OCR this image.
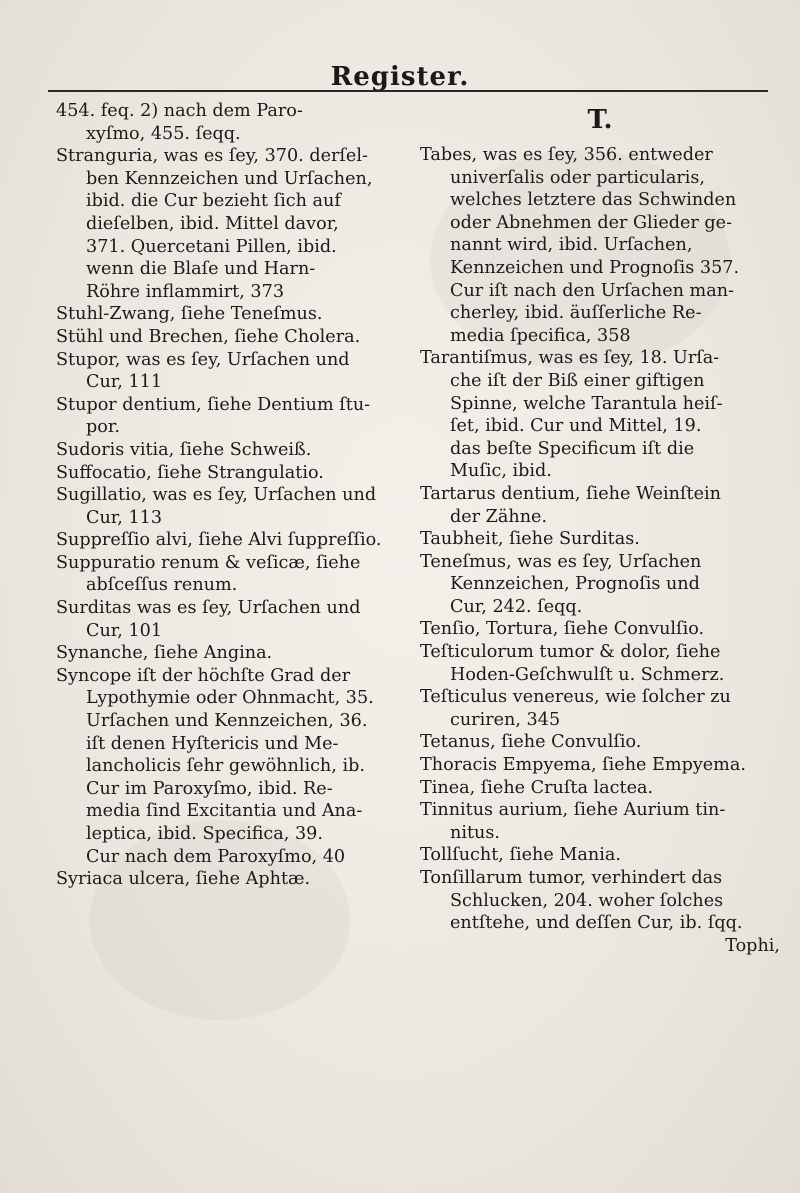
Register.
454. feq. 2) nach dem Paro-
xyſmo, 455. ſeqq.
Stranguria, was es ſey, 370. derſel-
ben Kennzeichen und Urſachen,
ibid. die Cur bezieht ſich auf
dieſelben, ibid. Mittel davor,
371. Quercetani Pillen, ibid.
wenn die Blaſe und Harn-
Röhre inflammirt, 373
Stuhl-Zwang, ſiehe Teneſmus.
Stühl und Brechen, ſiehe Cholera.
Stupor, was es ſey, Urſachen und
Cur, 111
Stupor dentium, ſiehe Dentium ſtu-
por.
Sudoris vitia, ſiehe Schweiß.
Suffocatio, ſiehe Strangulatio.
Sugillatio, was es ſey, Urſachen und
Cur, 113
Suppreſſio alvi, ſiehe Alvi ſuppreſſio.
Suppuratio renum & veſicæ, ſiehe
abſceſſus renum.
Surditas was es ſey, Urſachen und
Cur, 101
Synanche, ſiehe Angina.
Syncope iſt der höchſte Grad der
Lypothymie oder Ohnmacht, 35.
Urſachen und Kennzeichen, 36.
iſt denen Hyſtericis und Me-
lancholicis ſehr gewöhnlich, ib.
Cur im Paroxyſmo, ibid. Re-
media ſind Excitantia und Ana-
leptica, ibid. Specifica, 39.
Cur nach dem Paroxyſmo, 40
Syriaca ulcera, ſiehe Aphtæ.
T.
Tabes, was es ſey, 356. entweder
univerſalis oder particularis,
welches letztere das Schwinden
oder Abnehmen der Glieder ge-
nannt wird, ibid. Urſachen,
Kennzeichen und Prognoſis 357.
Cur iſt nach den Urſachen man-
cherley, ibid. äuſſerliche Re-
media ſpecifica, 358
Tarantiſmus, was es ſey, 18. Urſa-
che iſt der Biß einer giftigen
Spinne, welche Tarantula heiſ-
ſet, ibid. Cur und Mittel, 19.
das beſte Specificum iſt die
Muſic, ibid.
Tartarus dentium, ſiehe Weinſtein
der Zähne.
Taubheit, ſiehe Surditas.
Teneſmus, was es ſey, Urſachen
Kennzeichen, Prognoſis und
Cur, 242. ſeqq.
Tenſio, Tortura, ſiehe Convulſio.
Teſticulorum tumor & dolor, ſiehe
Hoden-Geſchwulſt u. Schmerz.
Teſticulus venereus, wie ſolcher zu
curiren, 345
Tetanus, ſiehe Convulſio.
Thoracis Empyema, ſiehe Empyema.
Tinea, ſiehe Cruſta lactea.
Tinnitus aurium, ſiehe Aurium tin-
nitus.
Tollſucht, ſiehe Mania.
Tonſillarum tumor, verhindert das
Schlucken, 204. woher ſolches
entſtehe, und deſſen Cur, ib. ſqq.
Tophi,
